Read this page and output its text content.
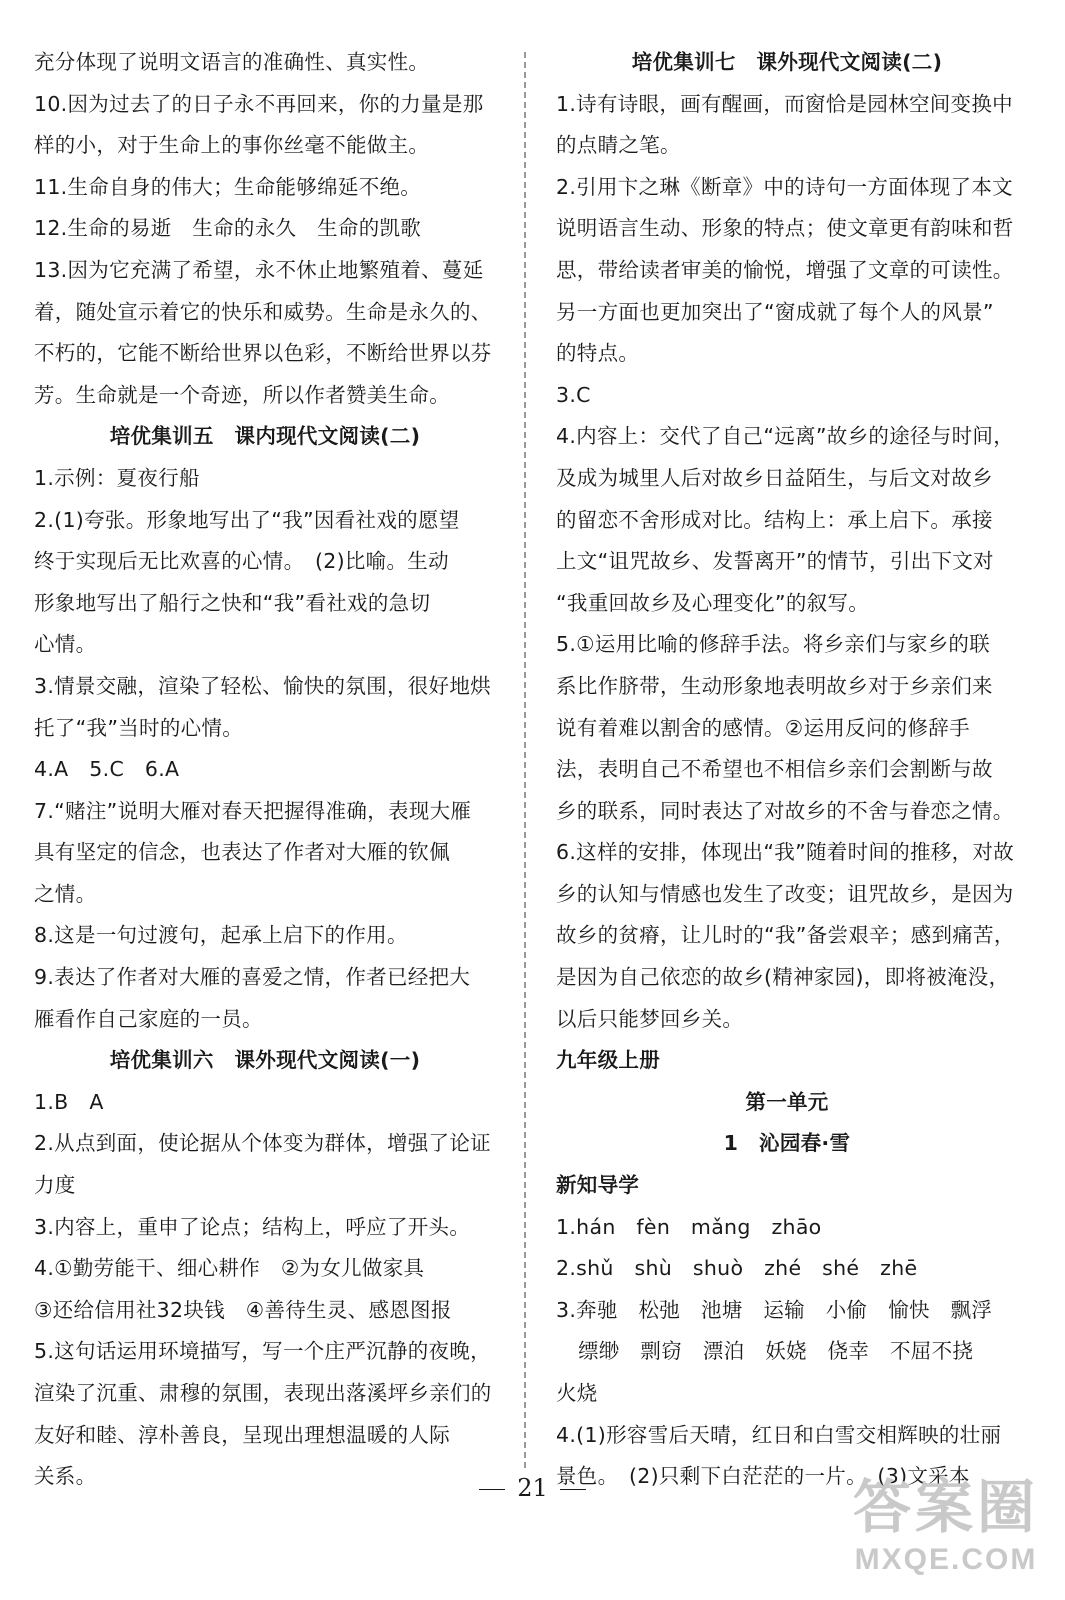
充分体现了说明文语言的准确性、真实性。
10.因为过去了的日子永不再回来，你的力量是那
样的小，对于生命上的事你丝毫不能做主。
11.生命自身的伟大；生命能够绵延不绝。
12.生命的易逝　生命的永久　生命的凯歌
13.因为它充满了希望，永不休止地繁殖着、蔓延
着，随处宣示着它的快乐和威势。生命是永久的、
不朽的，它能不断给世界以色彩，不断给世界以芬
芳。生命就是一个奇迹，所以作者赞美生命。
培优集训五　课内现代文阅读(二)
1.示例：夏夜行船
2.(1)夸张。形象地写出了“我”因看社戏的愿望
终于实现后无比欢喜的心情。　(2)比喻。生动
形象地写出了船行之快和“我”看社戏的急切
心情。
3.情景交融，渲染了轻松、愉快的氛围，很好地烘
托了“我”当时的心情。
4.A　5.C　6.A
7.“赌注”说明大雁对春天把握得准确，表现大雁
具有坚定的信念，也表达了作者对大雁的钦佩
之情。
8.这是一句过渡句，起承上启下的作用。
9.表达了作者对大雁的喜爱之情，作者已经把大
雁看作自己家庭的一员。
培优集训六　课外现代文阅读(一)
1.B　A
2.从点到面，使论据从个体变为群体，增强了论证
力度
3.内容上，重申了论点；结构上，呼应了开头。
4.①勤劳能干、细心耕作　②为女儿做家具
③还给信用社32块钱　④善待生灵、感恩图报
5.这句话运用环境描写，写一个庄严沉静的夜晚，
渲染了沉重、肃穆的氛围，表现出落溪坪乡亲们的
友好和睦、淳朴善良，呈现出理想温暖的人际
关系。
培优集训七　课外现代文阅读(二)
1.诗有诗眼，画有醒画，而窗恰是园林空间变换中
的点睛之笔。
2.引用卞之琳《断章》中的诗句一方面体现了本文
说明语言生动、形象的特点；使文章更有韵味和哲
思，带给读者审美的愉悦，增强了文章的可读性。
另一方面也更加突出了“窗成就了每个人的风景”
的特点。
3.C
4.内容上：交代了自己“远离”故乡的途径与时间，
及成为城里人后对故乡日益陌生，与后文对故乡
的留恋不舍形成对比。结构上：承上启下。承接
上文“诅咒故乡、发誓离开”的情节，引出下文对
“我重回故乡及心理变化”的叙写。
5.①运用比喻的修辞手法。将乡亲们与家乡的联
系比作脐带，生动形象地表明故乡对于乡亲们来
说有着难以割舍的感情。②运用反问的修辞手
法，表明自己不希望也不相信乡亲们会割断与故
乡的联系，同时表达了对故乡的不舍与眷恋之情。
6.这样的安排，体现出“我”随着时间的推移，对故
乡的认知与情感也发生了改变；诅咒故乡，是因为
故乡的贫瘠，让儿时的“我”备尝艰辛；感到痛苦，
是因为自己依恋的故乡(精神家园)，即将被淹没，
以后只能梦回乡关。
九年级上册
第一单元
1　沁园春·雪
新知导学
1.hán　fèn　mǎng　zhāo
2.shǔ　shù　shuò　zhé　shé　zhē
3.奔驰　松弛　池塘　运输　小偷　愉快　飘浮
缥缈　剽窃　漂泊　妖娆　侥幸　不屈不挠
火烧
4.(1)形容雪后天晴，红日和白雪交相辉映的壮丽
景色。　(2)只剩下白茫茫的一片。　(3)文采本
21	答案圈
MXQE.COM
